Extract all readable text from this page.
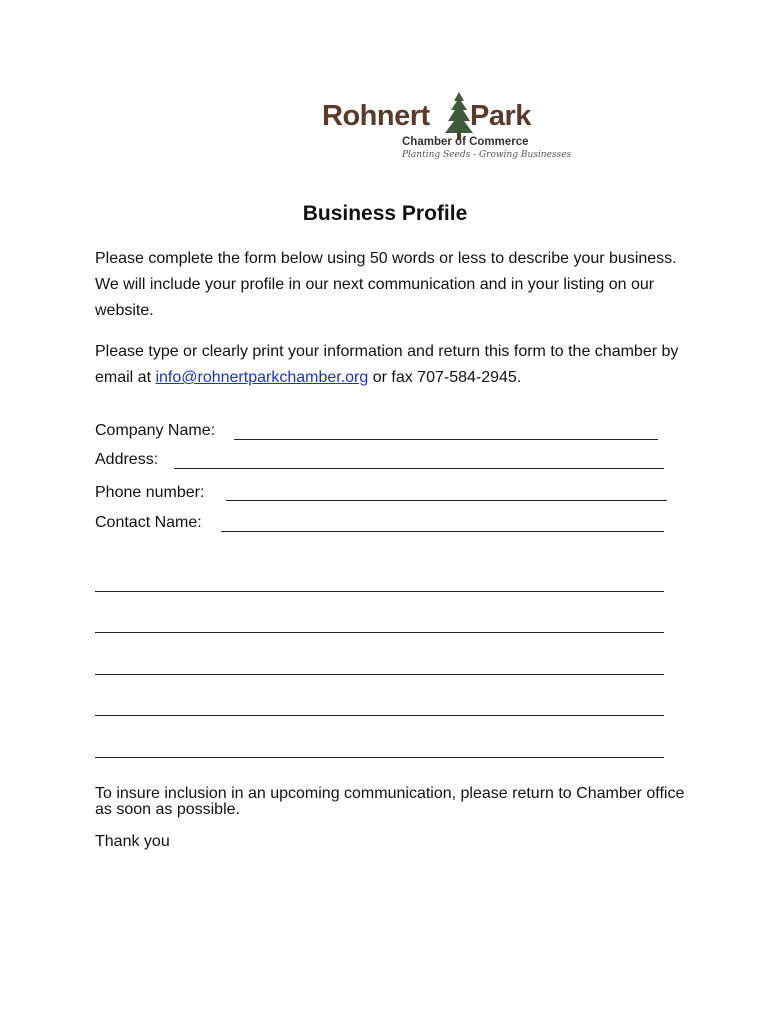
Rohnert Park
Chamber of Commerce
Planting Seeds - Growing Businesses
Business Profile

Please complete the form below using 50 words or less to describe your business. We will include your profile in our next communication and in your listing on our website.

Please type or clearly print your information and return this form to the chamber by email at info@rohnertparkchamber.org or fax 707-584-2945.

Company Name:
Address:
Phone number:
Contact Name:

To insure inclusion in an upcoming communication, please return to Chamber office as soon as possible.

Thank you
